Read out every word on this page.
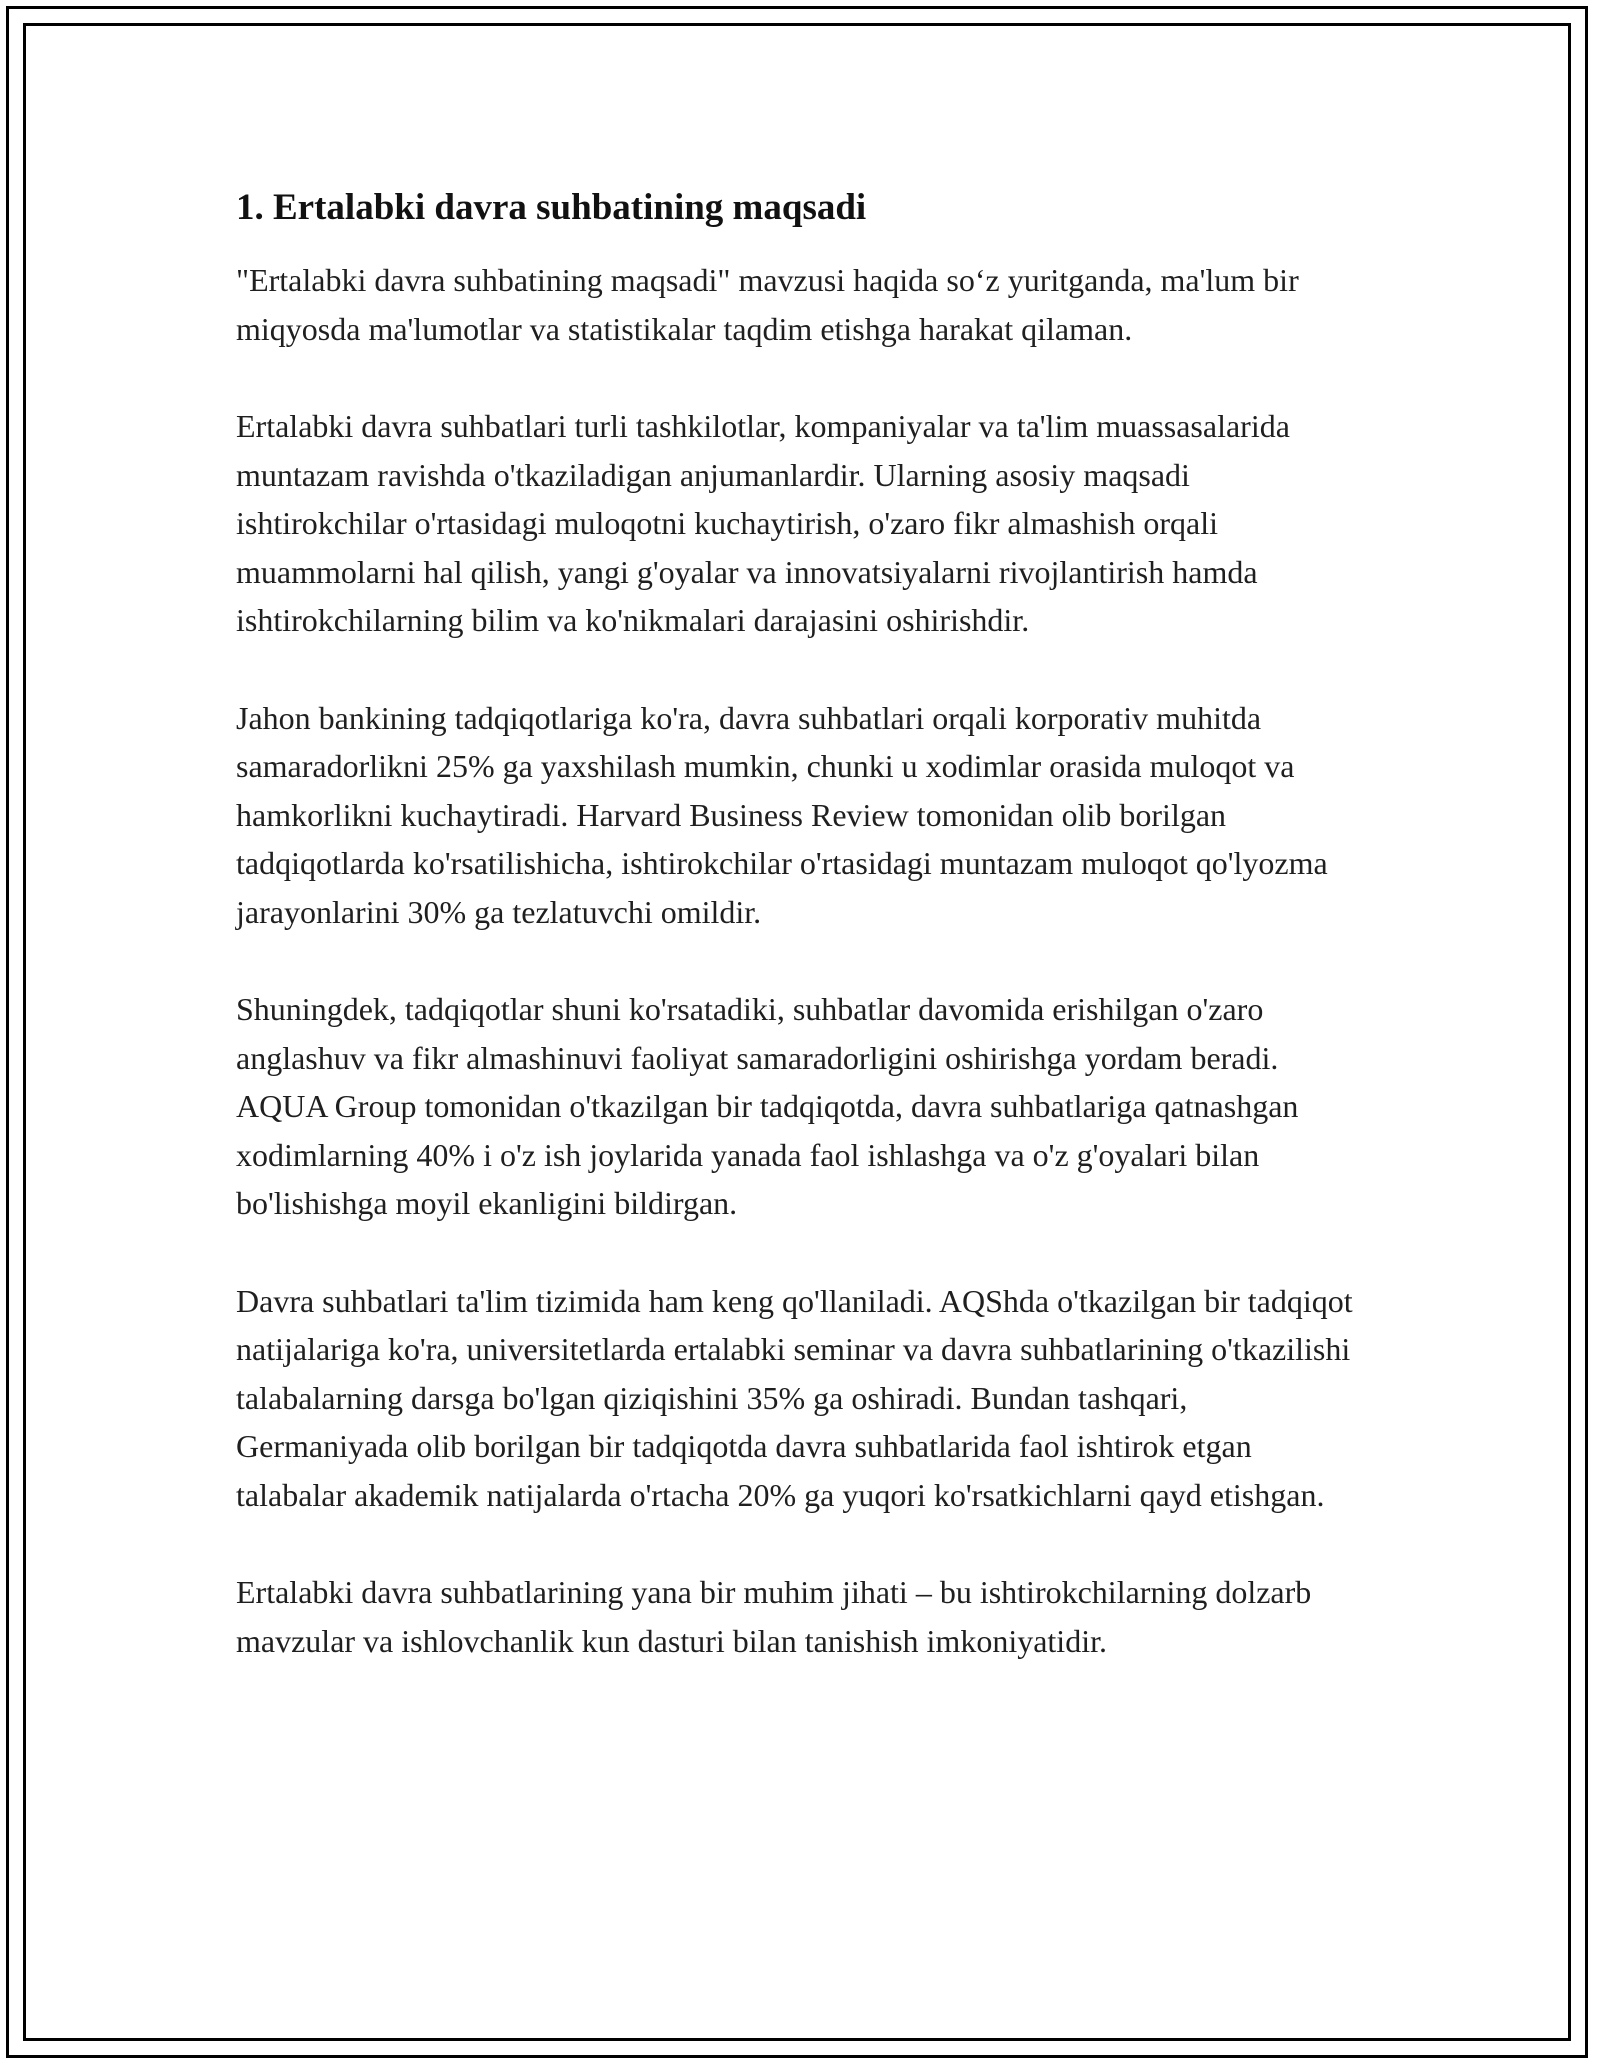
1. Ertalabki davra suhbatining maqsadi

"Ertalabki davra suhbatining maqsadi" mavzusi haqida so‘z yuritganda, ma'lum bir miqyosda ma'lumotlar va statistikalar taqdim etishga harakat qilaman.

Ertalabki davra suhbatlari turli tashkilotlar, kompaniyalar va ta'lim muassasalarida muntazam ravishda o'tkaziladigan anjumanlardir. Ularning asosiy maqsadi ishtirokchilar o'rtasidagi muloqotni kuchaytirish, o'zaro fikr almashish orqali muammolarni hal qilish, yangi g'oyalar va innovatsiyalarni rivojlantirish hamda ishtirokchilarning bilim va ko'nikmalari darajasini oshirishdir.

Jahon bankining tadqiqotlariga ko'ra, davra suhbatlari orqali korporativ muhitda samaradorlikni 25% ga yaxshilash mumkin, chunki u xodimlar orasida muloqot va hamkorlikni kuchaytiradi. Harvard Business Review tomonidan olib borilgan tadqiqotlarda ko'rsatilishicha, ishtirokchilar o'rtasidagi muntazam muloqot qo'lyozma jarayonlarini 30% ga tezlatuvchi omildir.

Shuningdek, tadqiqotlar shuni ko'rsatadiki, suhbatlar davomida erishilgan o'zaro anglashuv va fikr almashinuvi faoliyat samaradorligini oshirishga yordam beradi. AQUA Group tomonidan o'tkazilgan bir tadqiqotda, davra suhbatlariga qatnashgan xodimlarning 40% i o'z ish joylarida yanada faol ishlashga va o'z g'oyalari bilan bo'lishishga moyil ekanligini bildirgan.

Davra suhbatlari ta'lim tizimida ham keng qo'llaniladi. AQShda o'tkazilgan bir tadqiqot natijalariga ko'ra, universitetlarda ertalabki seminar va davra suhbatlarining o'tkazilishi talabalarning darsga bo'lgan qiziqishini 35% ga oshiradi. Bundan tashqari, Germaniyada olib borilgan bir tadqiqotda davra suhbatlarida faol ishtirok etgan talabalar akademik natijalarda o'rtacha 20% ga yuqori ko'rsatkichlarni qayd etishgan.

Ertalabki davra suhbatlarining yana bir muhim jihati – bu ishtirokchilarning dolzarb mavzular va ishlovchanlik kun dasturi bilan tanishish imkoniyatidir.
